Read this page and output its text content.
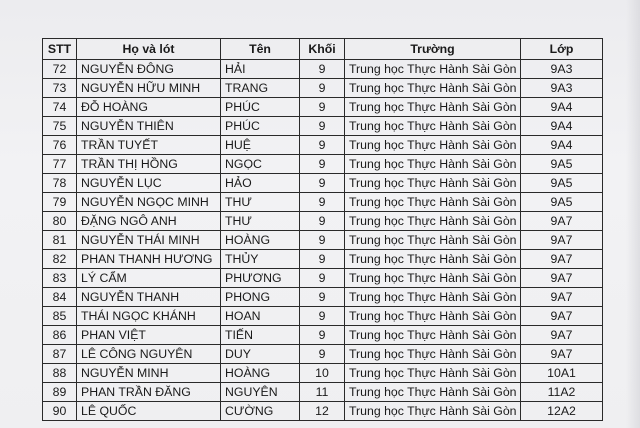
STT	Họ và lót	Tên	Khối	Trường	Lớp
72	NGUYỄN ĐÔNG	HẢI	9	Trung học Thực Hành Sài Gòn	9A3
73	NGUYỄN HỮU MINH	TRANG	9	Trung học Thực Hành Sài Gòn	9A3
74	ĐỖ HOÀNG	PHÚC	9	Trung học Thực Hành Sài Gòn	9A4
75	NGUYỄN THIÊN	PHÚC	9	Trung học Thực Hành Sài Gòn	9A4
76	TRẦN TUYẾT	HUỆ	9	Trung học Thực Hành Sài Gòn	9A4
77	TRẦN THỊ HỒNG	NGỌC	9	Trung học Thực Hành Sài Gòn	9A5
78	NGUYỄN LỤC	HẢO	9	Trung học Thực Hành Sài Gòn	9A5
79	NGUYỄN NGỌC MINH	THƯ	9	Trung học Thực Hành Sài Gòn	9A5
80	ĐẶNG NGÔ ANH	THƯ	9	Trung học Thực Hành Sài Gòn	9A7
81	NGUYỄN THÁI MINH	HOÀNG	9	Trung học Thực Hành Sài Gòn	9A7
82	PHAN THANH HƯƠNG	THỦY	9	Trung học Thực Hành Sài Gòn	9A7
83	LÝ CẨM	PHƯƠNG	9	Trung học Thực Hành Sài Gòn	9A7
84	NGUYỄN THANH	PHONG	9	Trung học Thực Hành Sài Gòn	9A7
85	THÁI NGỌC KHÁNH	HOAN	9	Trung học Thực Hành Sài Gòn	9A7
86	PHAN VIỆT	TIẾN	9	Trung học Thực Hành Sài Gòn	9A7
87	LÊ CÔNG NGUYÊN	DUY	9	Trung học Thực Hành Sài Gòn	9A7
88	NGUYỄN MINH	HOÀNG	10	Trung học Thực Hành Sài Gòn	10A1
89	PHAN TRẦN ĐĂNG	NGUYÊN	11	Trung học Thực Hành Sài Gòn	11A2
90	LÊ QUỐC	CƯỜNG	12	Trung học Thực Hành Sài Gòn	12A2
